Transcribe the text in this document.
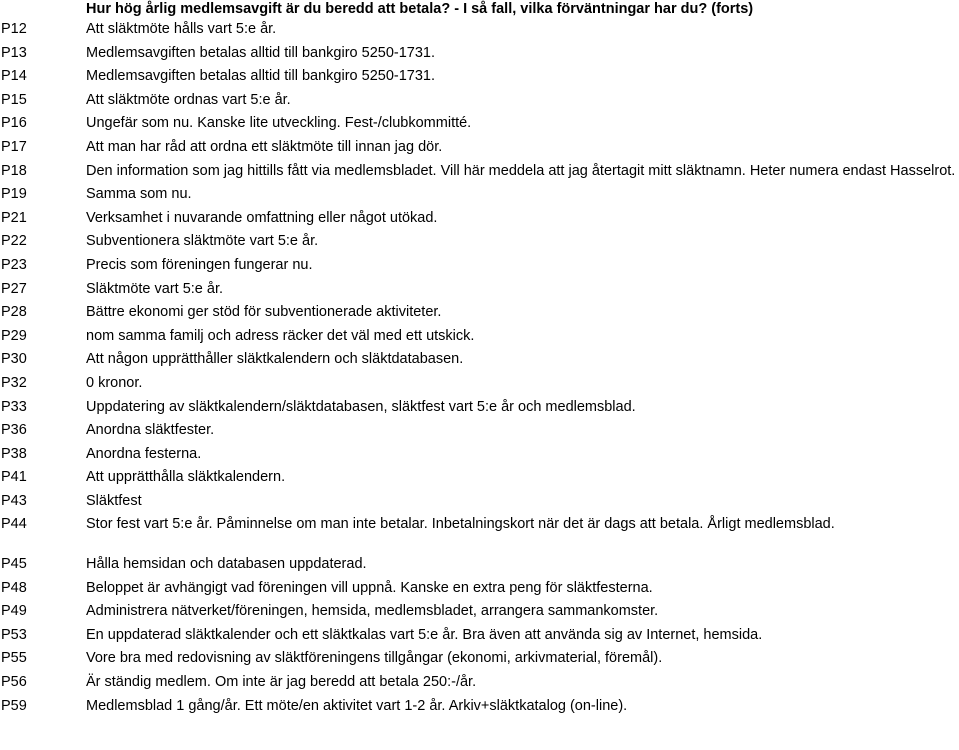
Hur hög årlig medlemsavgift är du beredd att betala? - I så fall, vilka förväntningar har du? (forts)
P12	Att släktmöte hålls vart 5:e år.
P13	Medlemsavgiften betalas alltid till bankgiro 5250-1731.
P14	Medlemsavgiften betalas alltid till bankgiro 5250-1731.
P15	Att släktmöte ordnas vart 5:e år.
P16	Ungefär som nu. Kanske lite utveckling. Fest-/clubkommitté.
P17	Att man har råd att ordna ett släktmöte till innan jag dör.
P18	Den information som jag hittills fått via medlemsbladet. Vill här meddela att jag återtagit mitt släktnamn. Heter numera endast Hasselrot.
P19	Samma som nu.
P21	Verksamhet i nuvarande omfattning eller något utökad.
P22	Subventionera släktmöte vart 5:e år.
P23	Precis som föreningen fungerar nu.
P27	Släktmöte vart 5:e år.
P28	Bättre ekonomi ger stöd för subventionerade aktiviteter.
P29	nom samma familj och adress räcker det väl med ett utskick.
P30	Att någon upprätthåller släktkalendern och släktdatabasen.
P32	0 kronor.
P33	Uppdatering av släktkalendern/släktdatabasen, släktfest vart 5:e år och medlemsblad.
P36	Anordna släktfester.
P38	Anordna festerna.
P41	Att upprätthålla släktkalendern.
P43	Släktfest
P44	Stor fest vart 5:e år. Påminnelse om man inte betalar. Inbetalningskort när det är dags att betala. Årligt medlemsblad.
P45	Hålla hemsidan och databasen uppdaterad.
P48	Beloppet är avhängigt vad föreningen vill uppnå. Kanske en extra peng för släktfesterna.
P49	Administrera nätverket/föreningen, hemsida, medlemsbladet, arrangera sammankomster.
P53	En uppdaterad släktkalender och ett släktkalas vart 5:e år. Bra även att använda sig av Internet, hemsida.
P55	Vore bra med redovisning av släktföreningens tillgångar (ekonomi, arkivmaterial, föremål).
P56	Är ständig medlem. Om inte är jag beredd att betala 250:-/år.
P59	Medlemsblad 1 gång/år. Ett möte/en aktivitet vart 1-2 år. Arkiv+släktkatalog (on-line).
